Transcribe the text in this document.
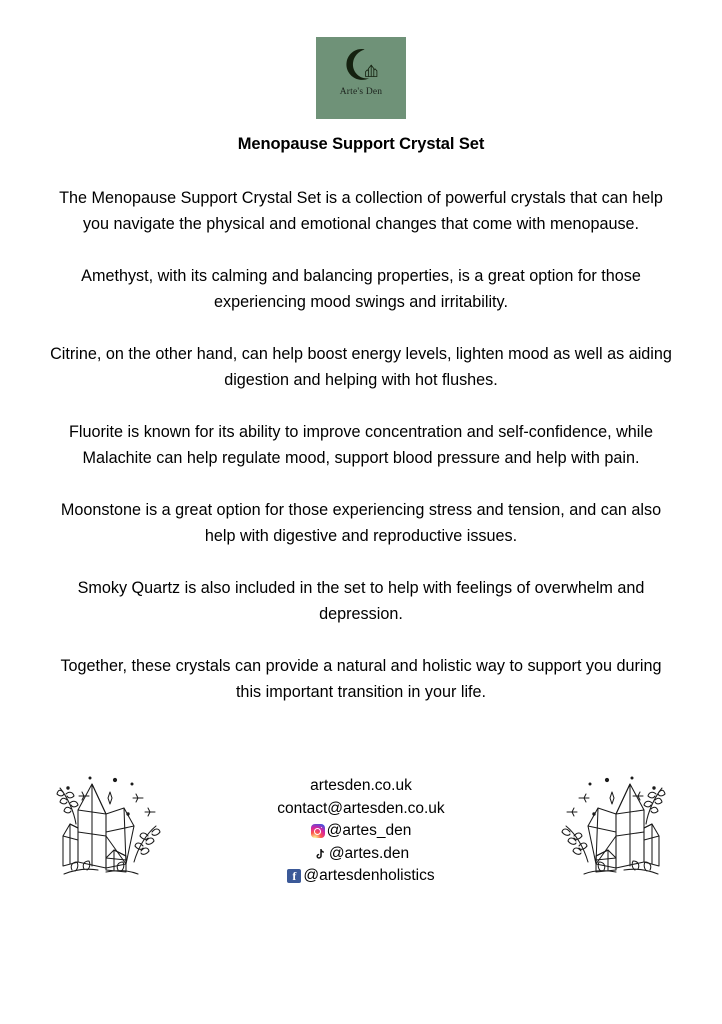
Arte's Den
Menopause Support Crystal Set

The Menopause Support Crystal Set is a collection of powerful crystals that can help you navigate the physical and emotional changes that come with menopause.

Amethyst, with its calming and balancing properties, is a great option for those experiencing mood swings and irritability.

Citrine, on the other hand, can help boost energy levels, lighten mood as well as aiding digestion and helping with hot flushes.

Fluorite is known for its ability to improve concentration and self-confidence, while Malachite can help regulate mood, support blood pressure and help with pain.

Moonstone is a great option for those experiencing stress and tension, and can also help with digestive and reproductive issues.

Smoky Quartz is also included in the set to help with feelings of overwhelm and depression.

Together, these crystals can provide a natural and holistic way to support you during this important transition in your life.

artesden.co.uk
contact@artesden.co.uk
@artes_den
@artes.den
f @artesdenholistics
